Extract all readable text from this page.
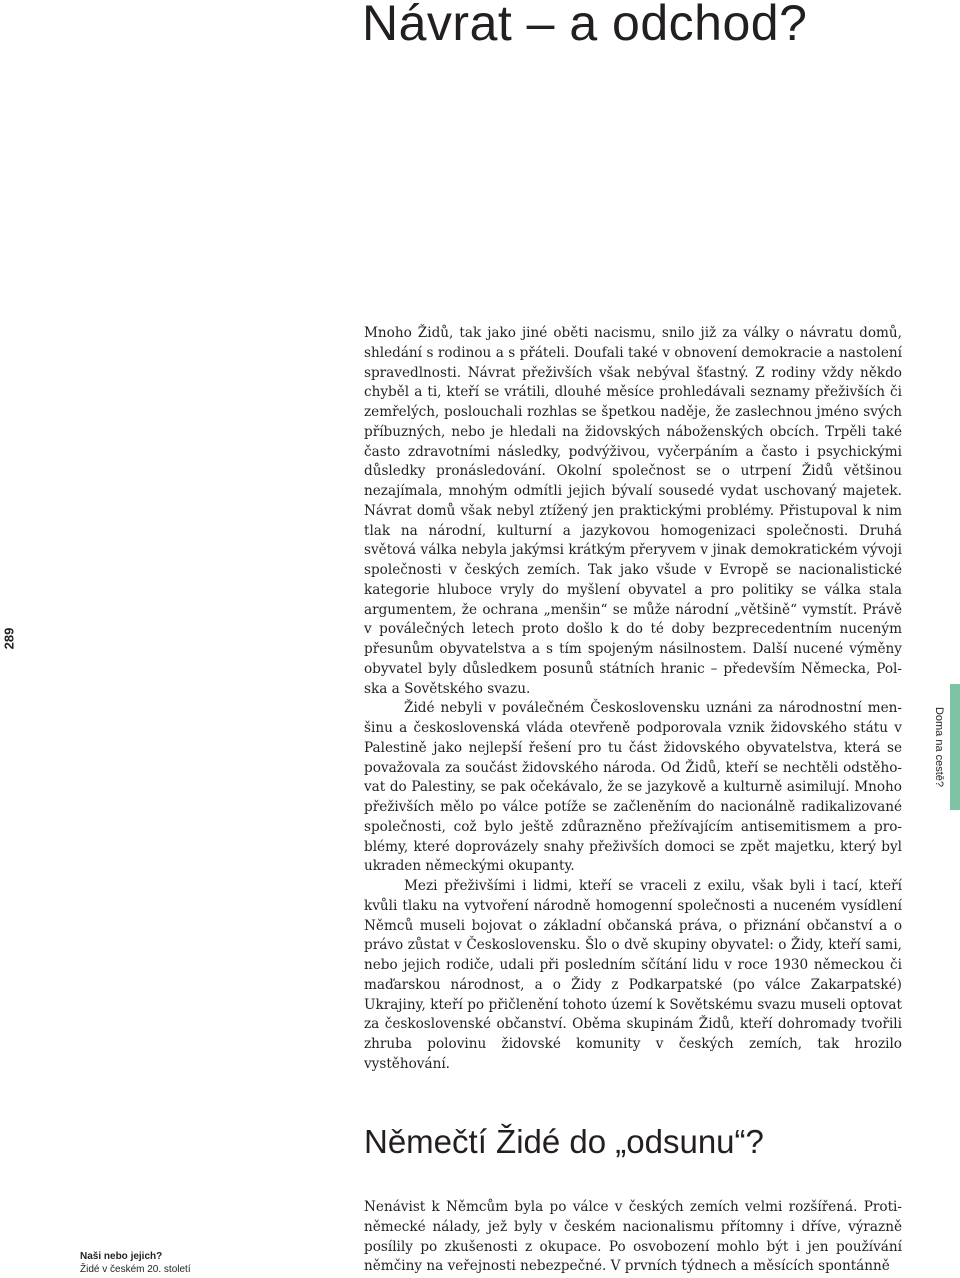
Návrat – a odchod?
289

Mnoho Židů, tak jako jiné oběti nacismu, snilo již za války o návratu domů, shledání s rodinou a s přáteli. Doufali také v obnovení demokracie a nastolení spravedlnosti. Návrat přeživších však nebýval šťastný. Z rodiny vždy někdo chyběl a ti, kteří se vrátili, dlouhé měsíce prohledávali seznamy přeživších či zemřelých, poslouchali rozhlas se špetkou naděje, že zaslechnou jméno svých příbuzných, nebo je hledali na židovských náboženských obcích. Trpěli také často zdravotními následky, podvýživou, vyčerpáním a často i psychickými důsledky pronásledování. Okolní společnost se o utrpení Židů většinou nezajímala, mnohým odmítli jejich bývalí sousedé vydat uschovaný majetek. Návrat domů však nebyl ztížený jen praktickými problémy. Přistupoval k nim tlak na národní, kulturní a jazykovou homogenizaci společnosti. Druhá světová válka nebyla jakýmsi krátkým přeryvem v jinak demokratickém vývoji společnosti v českých zemích. Tak jako všude v Evropě se nacionalistické kategorie hluboce vryly do myšlení obyvatel a pro politiky se válka stala argumentem, že ochrana „menšin“ se může národní „většině“ vymstít. Právě v poválečných letech proto došlo k do té doby bezprecedentním nuceným přesunům obyvatelstva a s tím spojeným násilnostem. Další nucené výměny obyvatel byly důsledkem posunů státních hranic – především Německa, Polska a Sovětského svazu.

Židé nebyli v poválečném Československu uznáni za národnostní menšinu a československá vláda otevřeně podporovala vznik židovského státu v Palestině jako nejlepší řešení pro tu část židovského obyvatelstva, která se považovala za součást židovského národa. Od Židů, kteří se nechtěli odstěhovat do Palestiny, se pak očekávalo, že se jazykově a kulturně asimilují. Mnoho přeživších mělo po válce potíže se začleněním do nacionálně radikalizované společnosti, což bylo ještě zdůrazněno přežívajícím antisemitismem a problémy, které doprovázely snahy přeživších domoci se zpět majetku, který byl ukraden německými okupanty.

Mezi přeživšími i lidmi, kteří se vraceli z exilu, však byli i tací, kteří kvůli tlaku na vytvoření národně homogenní společnosti a nuceném vysídlení Němců museli bojovat o základní občanská práva, o přiznání občanství a o právo zůstat v Československu. Šlo o dvě skupiny obyvatel: o Židy, kteří sami, nebo jejich rodiče, udali při posledním sčítání lidu v roce 1930 německou či maďarskou národnost, a o Židy z Podkarpatské (po válce Zakarpatské) Ukrajiny, kteří po přičlenění tohoto území k Sovětskému svazu museli optovat za československé občanství. Oběma skupinám Židů, kteří dohromady tvořili zhruba polovinu židovské komunity v českých zemích, tak hrozilo vystěhování.

Doma na cestě?
Němečtí Židé do „odsunu“?

Nenávist k Němcům byla po válce v českých zemích velmi rozšířená. Protiněmecké nálady, jež byly v českém nacionalismu přítomny i dříve, výrazně posílily po zkušenosti z okupace. Po osvobození mohlo být i jen používání němčiny na veřejnosti nebezpečné. V prvních týdnech a měsících spontánně

Naši nebo jejich?
Židé v českém 20. století
